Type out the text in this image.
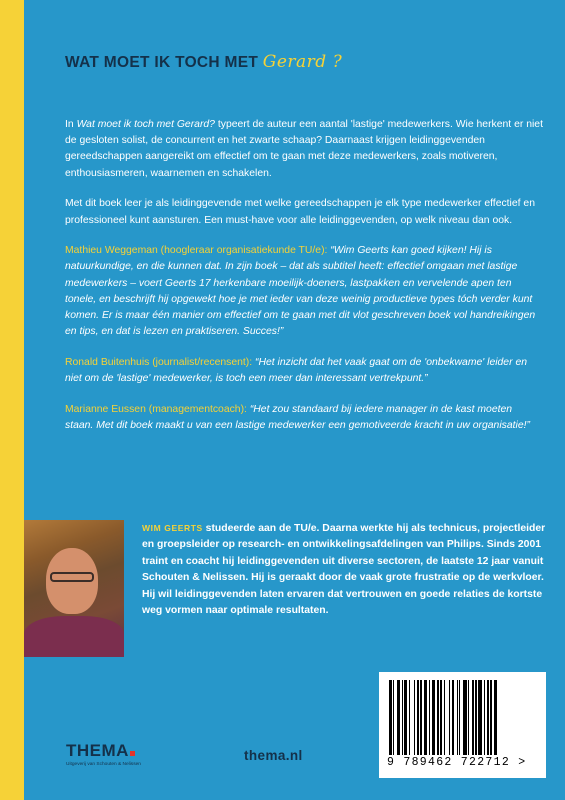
WAT MOET IK TOCH MET Gerard ?

In Wat moet ik toch met Gerard? typeert de auteur een aantal 'lastige' medewerkers. Wie herkent er niet de gesloten solist, de concurrent en het zwarte schaap? Daarnaast krijgen leidinggevenden gereedschappen aangereikt om effectief om te gaan met deze medewerkers, zoals motiveren, enthousiasmeren, waarnemen en schakelen.

Met dit boek leer je als leidinggevende met welke gereedschappen je elk type medewerker effectief en professioneel kunt aansturen. Een must-have voor alle leidinggevenden, op welk niveau dan ook.

Mathieu Weggeman (hoogleraar organisatiekunde TU/e): “Wim Geerts kan goed kijken! Hij is natuurkundige, en die kunnen dat. In zijn boek – dat als subtitel heeft: effectief omgaan met lastige medewerkers – voert Geerts 17 herkenbare moeilijk-doeners, lastpakken en vervelende apen ten tonele, en beschrijft hij opgewekt hoe je met ieder van deze weinig productieve types tóch verder kunt komen. Er is maar één manier om effectief om te gaan met dit vlot geschreven boek vol handreikingen en tips, en dat is lezen en praktiseren. Succes!”

Ronald Buitenhuis (journalist/recensent): “Het inzicht dat het vaak gaat om de 'onbekwame' leider en niet om de 'lastige' medewerker, is toch een meer dan interessant vertrekpunt.”

Marianne Eussen (managementcoach): “Het zou standaard bij iedere manager in de kast moeten staan. Met dit boek maakt u van een lastige medewerker een gemotiveerde kracht in uw organisatie!”

WIM GEERTS studeerde aan de TU/e. Daarna werkte hij als technicus, projectleider en groepsleider op research- en ontwikkelingsafdelingen van Philips. Sinds 2001 traint en coacht hij leidinggevenden uit diverse sectoren, de laatste 12 jaar vanuit Schouten & Nelissen. Hij is geraakt door de vaak grote frustratie op de werkvloer. Hij wil leidinggevenden laten ervaren dat vertrouwen en goede relaties de kortste weg vormen naar optimale resultaten.
THEMA
Uitgeverij van Schouten & Nelissen
thema.nl	9 789462 722712 >
